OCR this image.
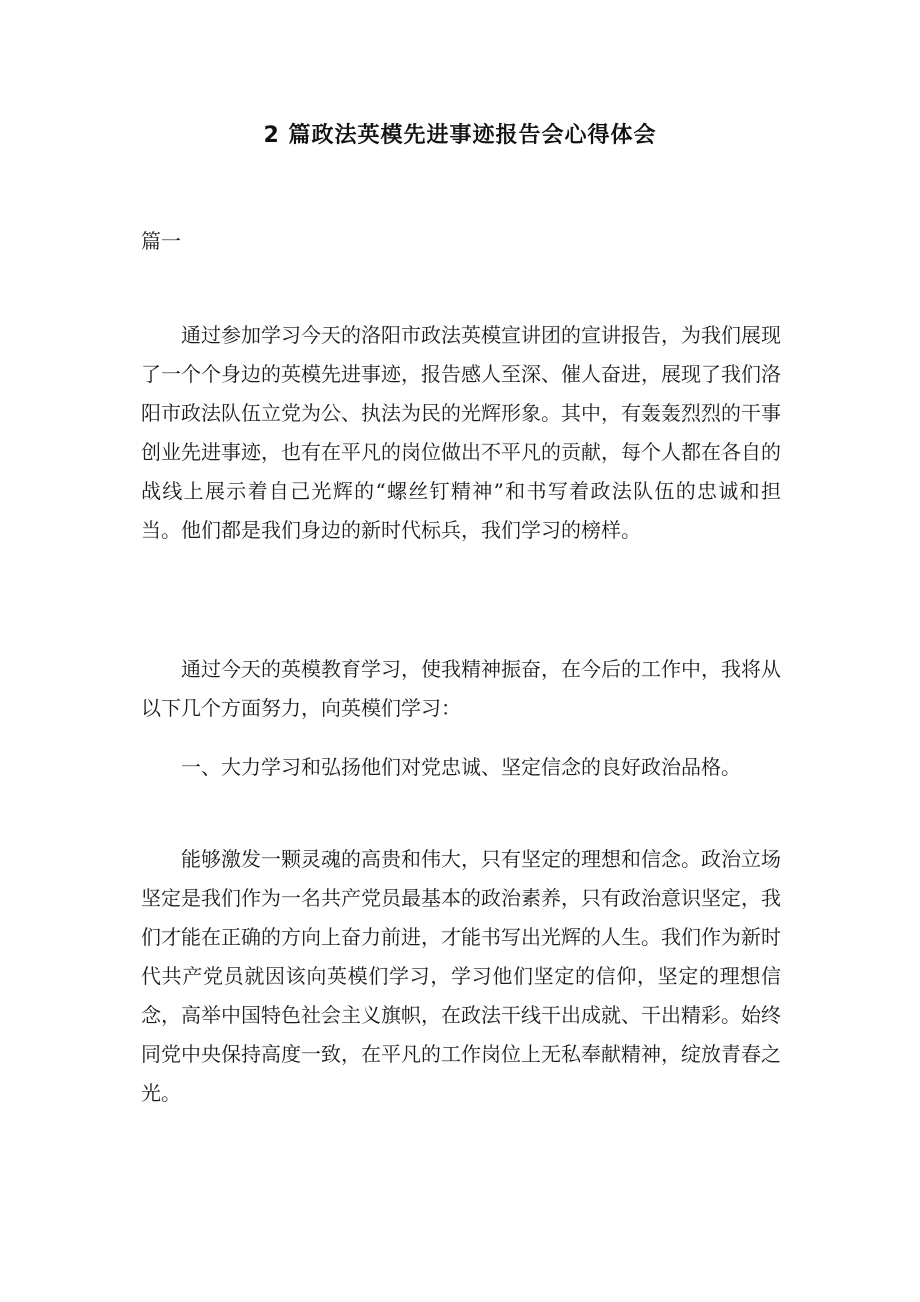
2 篇政法英模先进事迹报告会心得体会
篇一

通过参加学习今天的洛阳市政法英模宣讲团的宣讲报告，为我们展现了一个个身边的英模先进事迹，报告感人至深、催人奋进，展现了我们洛阳市政法队伍立党为公、执法为民的光辉形象。其中，有轰轰烈烈的干事创业先进事迹，也有在平凡的岗位做出不平凡的贡献，每个人都在各自的战线上展示着自己光辉的“螺丝钉精神”和书写着政法队伍的忠诚和担当。他们都是我们身边的新时代标兵，我们学习的榜样。

通过今天的英模教育学习，使我精神振奋，在今后的工作中，我将从以下几个方面努力，向英模们学习：

一、大力学习和弘扬他们对党忠诚、坚定信念的良好政治品格。

能够激发一颗灵魂的高贵和伟大，只有坚定的理想和信念。政治立场坚定是我们作为一名共产党员最基本的政治素养，只有政治意识坚定，我们才能在正确的方向上奋力前进，才能书写出光辉的人生。我们作为新时代共产党员就因该向英模们学习，学习他们坚定的信仰，坚定的理想信念，高举中国特色社会主义旗帜，在政法干线干出成就、干出精彩。始终同党中央保持高度一致，在平凡的工作岗位上无私奉献精神，绽放青春之光。
